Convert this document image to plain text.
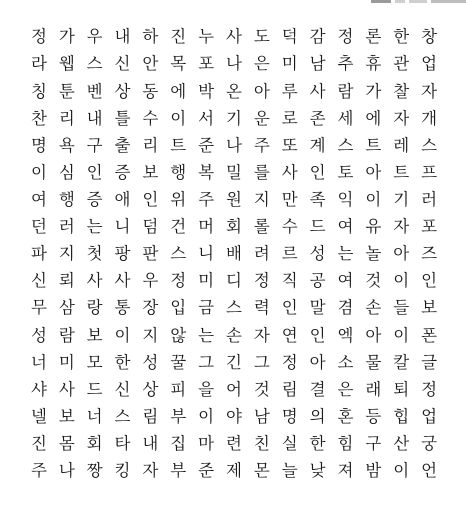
정 가 우 내 하 진 누 사 도 덕 감 정 론 한 창
라 웹 스 신 안 목 포 나 은 미 남 추 휴 관 업
칭 툰 벤 상 동 에 박 온 아 루 사 람 가 찰 자
찬 리 내 틀 수 이 서 기 운 로 존 세 에 자 개
명 욕 구 출 리 트 준 나 주 또 계 스 트 레 스
이 심 인 증 보 행 복 밀 를 사 인 토 아 트 프
여 행 증 애 인 위 주 원 지 만 족 익 이 기 러
던 러 는 니 덤 건 머 회 롤 수 드 여 유 자 포
파 지 첫 팡 판 스 니 배 려 르 성 는 놀 아 즈
신 뢰 사 사 우 정 미 디 정 직 공 여 것 이 인
무 삼 랑 통 장 입 금 스 력 인 말 겸 손 들 보
성 람 보 이 지 않 는 손 자 연 인 엑 아 이 폰
너 미 모 한 성 꿀 그 긴 그 정 아 소 물 칼 글
샤 사 드 신 상 피 을 어 것 림 결 은 래 퇴 정
넬 보 너 스 림 부 이 야 남 명 의 혼 등 힙 업
진 몸 회 타 내 집 마 련 친 실 한 힘 구 산 궁
주 나 짱 킹 자 부 준 제 몬 늘 낮 져 밤 이 언
